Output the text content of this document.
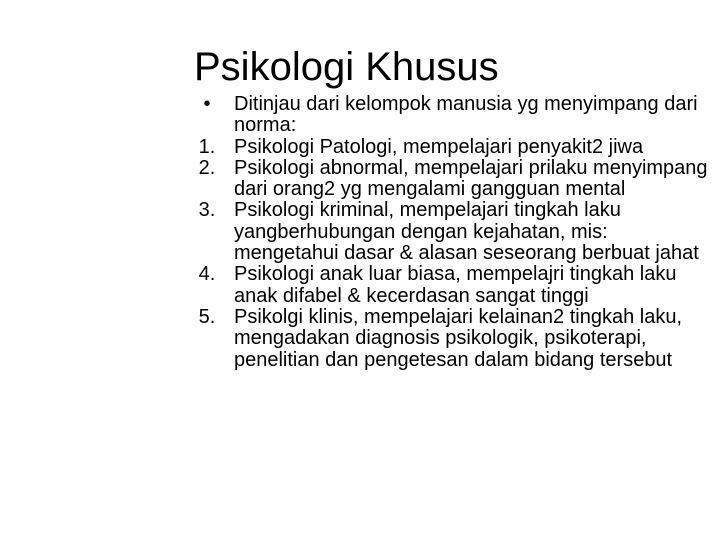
Psikologi Khusus
•	Ditinjau dari kelompok manusia yg menyimpang dari norma:
1. Psikologi Patologi, mempelajari penyakit2 jiwa
2. Psikologi abnormal, mempelajari prilaku menyimpang dari orang2 yg mengalami gangguan mental
3. Psikologi kriminal, mempelajari tingkah laku yangberhubungan dengan kejahatan, mis: mengetahui dasar & alasan seseorang berbuat jahat
4. Psikologi anak luar biasa, mempelajri tingkah laku anak difabel & kecerdasan sangat tinggi
5. Psikolgi klinis, mempelajari kelainan2 tingkah laku, mengadakan diagnosis psikologik, psikoterapi, penelitian dan pengetesan dalam bidang tersebut
